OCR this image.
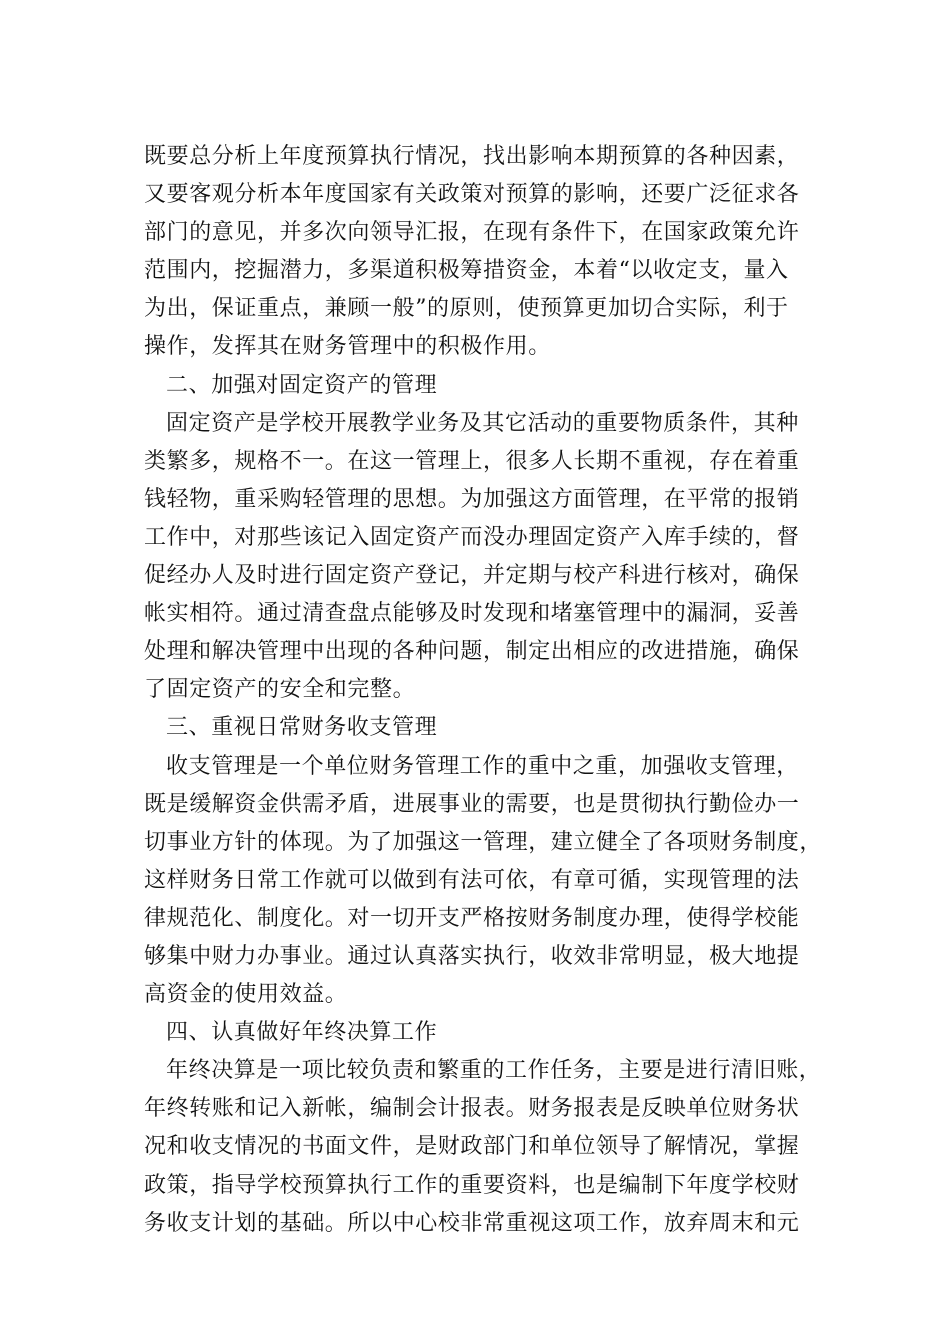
既要总分析上年度预算执行情况，找出影响本期预算的各种因素，
又要客观分析本年度国家有关政策对预算的影响，还要广泛征求各
部门的意见，并多次向领导汇报，在现有条件下，在国家政策允许
范围内，挖掘潜力，多渠道积极筹措资金，本着“以收定支，量入
为出，保证重点，兼顾一般”的原则，使预算更加切合实际，利于
操作，发挥其在财务管理中的积极作用。
二、加强对固定资产的管理
固定资产是学校开展教学业务及其它活动的重要物质条件，其种
类繁多，规格不一。在这一管理上，很多人长期不重视，存在着重
钱轻物，重采购轻管理的思想。为加强这方面管理，在平常的报销
工作中，对那些该记入固定资产而没办理固定资产入库手续的，督
促经办人及时进行固定资产登记，并定期与校产科进行核对，确保
帐实相符。通过清查盘点能够及时发现和堵塞管理中的漏洞，妥善
处理和解决管理中出现的各种问题，制定出相应的改进措施，确保
了固定资产的安全和完整。
三、重视日常财务收支管理
收支管理是一个单位财务管理工作的重中之重，加强收支管理，
既是缓解资金供需矛盾，进展事业的需要，也是贯彻执行勤俭办一
切事业方针的体现。为了加强这一管理，建立健全了各项财务制度，
这样财务日常工作就可以做到有法可依，有章可循，实现管理的法
律规范化、制度化。对一切开支严格按财务制度办理，使得学校能
够集中财力办事业。通过认真落实执行，收效非常明显，极大地提
高资金的使用效益。
四、认真做好年终决算工作
年终决算是一项比较负责和繁重的工作任务，主要是进行清旧账，
年终转账和记入新帐，编制会计报表。财务报表是反映单位财务状
况和收支情况的书面文件，是财政部门和单位领导了解情况，掌握
政策，指导学校预算执行工作的重要资料，也是编制下年度学校财
务收支计划的基础。所以中心校非常重视这项工作，放弃周末和元
